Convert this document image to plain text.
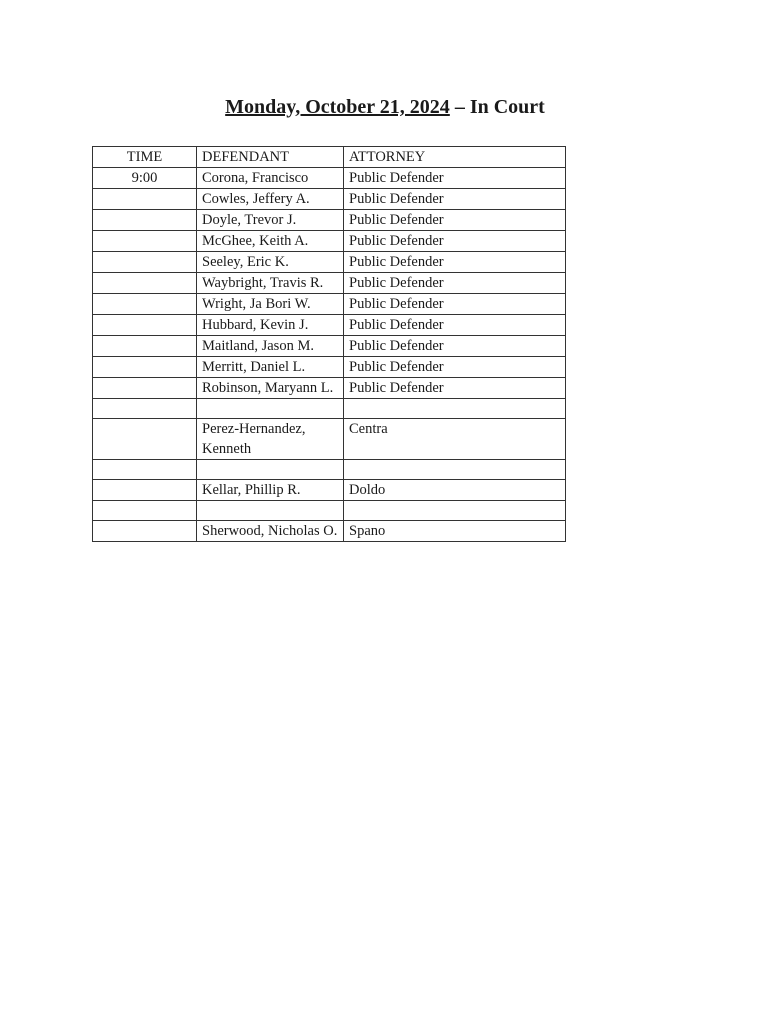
Monday, October 21, 2024 – In Court
TIME	DEFENDANT	ATTORNEY
9:00	Corona, Francisco	Public Defender
	Cowles, Jeffery A.	Public Defender
	Doyle, Trevor J.	Public Defender
	McGhee, Keith A.	Public Defender
	Seeley, Eric K.	Public Defender
	Waybright, Travis R.	Public Defender
	Wright, Ja Bori W.	Public Defender
	Hubbard, Kevin J.	Public Defender
	Maitland, Jason M.	Public Defender
	Merritt, Daniel L.	Public Defender
	Robinson, Maryann L.	Public Defender

	Perez-Hernandez, Kenneth	Centra

	Kellar, Phillip R.	Doldo

	Sherwood, Nicholas O.	Spano
